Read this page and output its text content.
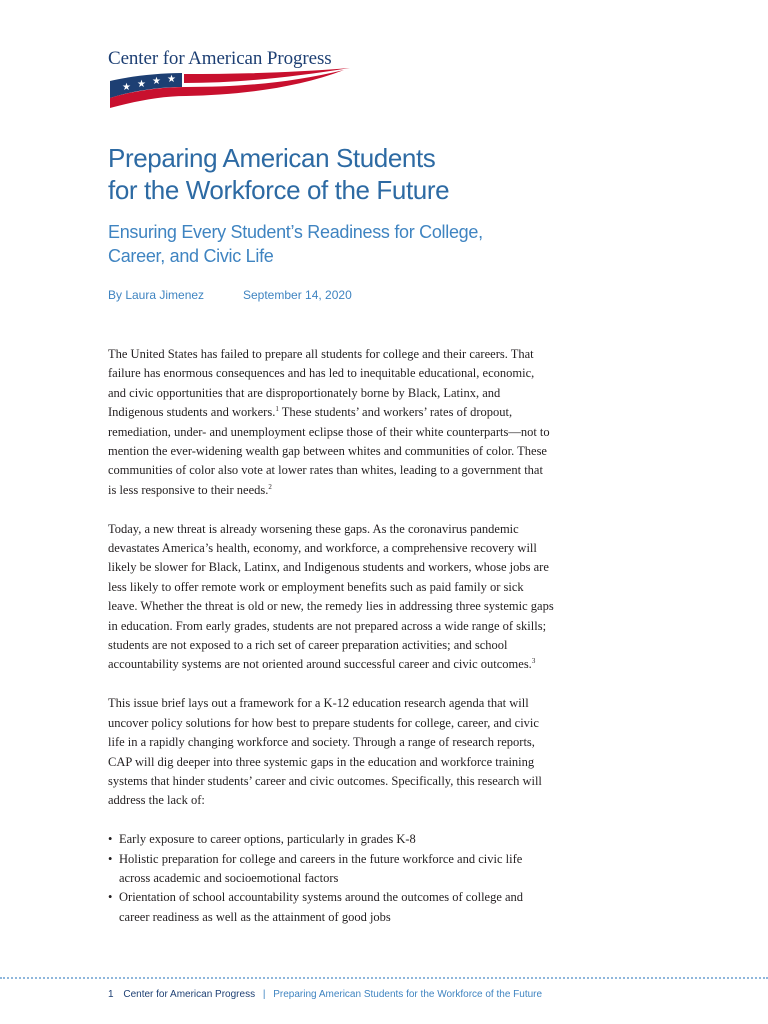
Center for American Progress
★ ★ ★ ★
Preparing American Students
for the Workforce of the Future
Ensuring Every Student’s Readiness for College,
Career, and Civic Life
By Laura Jimenez	September 14, 2020

The United States has failed to prepare all students for college and their careers. That failure has enormous consequences and has led to inequitable educational, economic, and civic opportunities that are disproportionately borne by Black, Latinx, and Indigenous students and workers.$^1$ These students’ and workers’ rates of dropout, remediation, under- and unemployment eclipse those of their white counterparts—not to mention the ever-widening wealth gap between whites and communities of color. These communities of color also vote at lower rates than whites, leading to a government that is less responsive to their needs.$^2$

Today, a new threat is already worsening these gaps. As the coronavirus pandemic devastates America’s health, economy, and workforce, a comprehensive recovery will likely be slower for Black, Latinx, and Indigenous students and workers, whose jobs are less likely to offer remote work or employment benefits such as paid family or sick leave. Whether the threat is old or new, the remedy lies in addressing three systemic gaps in education. From early grades, students are not prepared across a wide range of skills; students are not exposed to a rich set of career preparation activities; and school accountability systems are not oriented around successful career and civic outcomes.$^3$

This issue brief lays out a framework for a K-12 education research agenda that will uncover policy solutions for how best to prepare students for college, career, and civic life in a rapidly changing workforce and society. Through a range of research reports, CAP will dig deeper into three systemic gaps in the education and workforce training systems that hinder students’ career and civic outcomes. Specifically, this research will address the lack of:

• Early exposure to career options, particularly in grades K-8
• Holistic preparation for college and careers in the future workforce and civic life across academic and socioemotional factors
• Orientation of school accountability systems around the outcomes of college and career readiness as well as the attainment of good jobs
1 Center for American Progress | Preparing American Students for the Workforce of the Future
